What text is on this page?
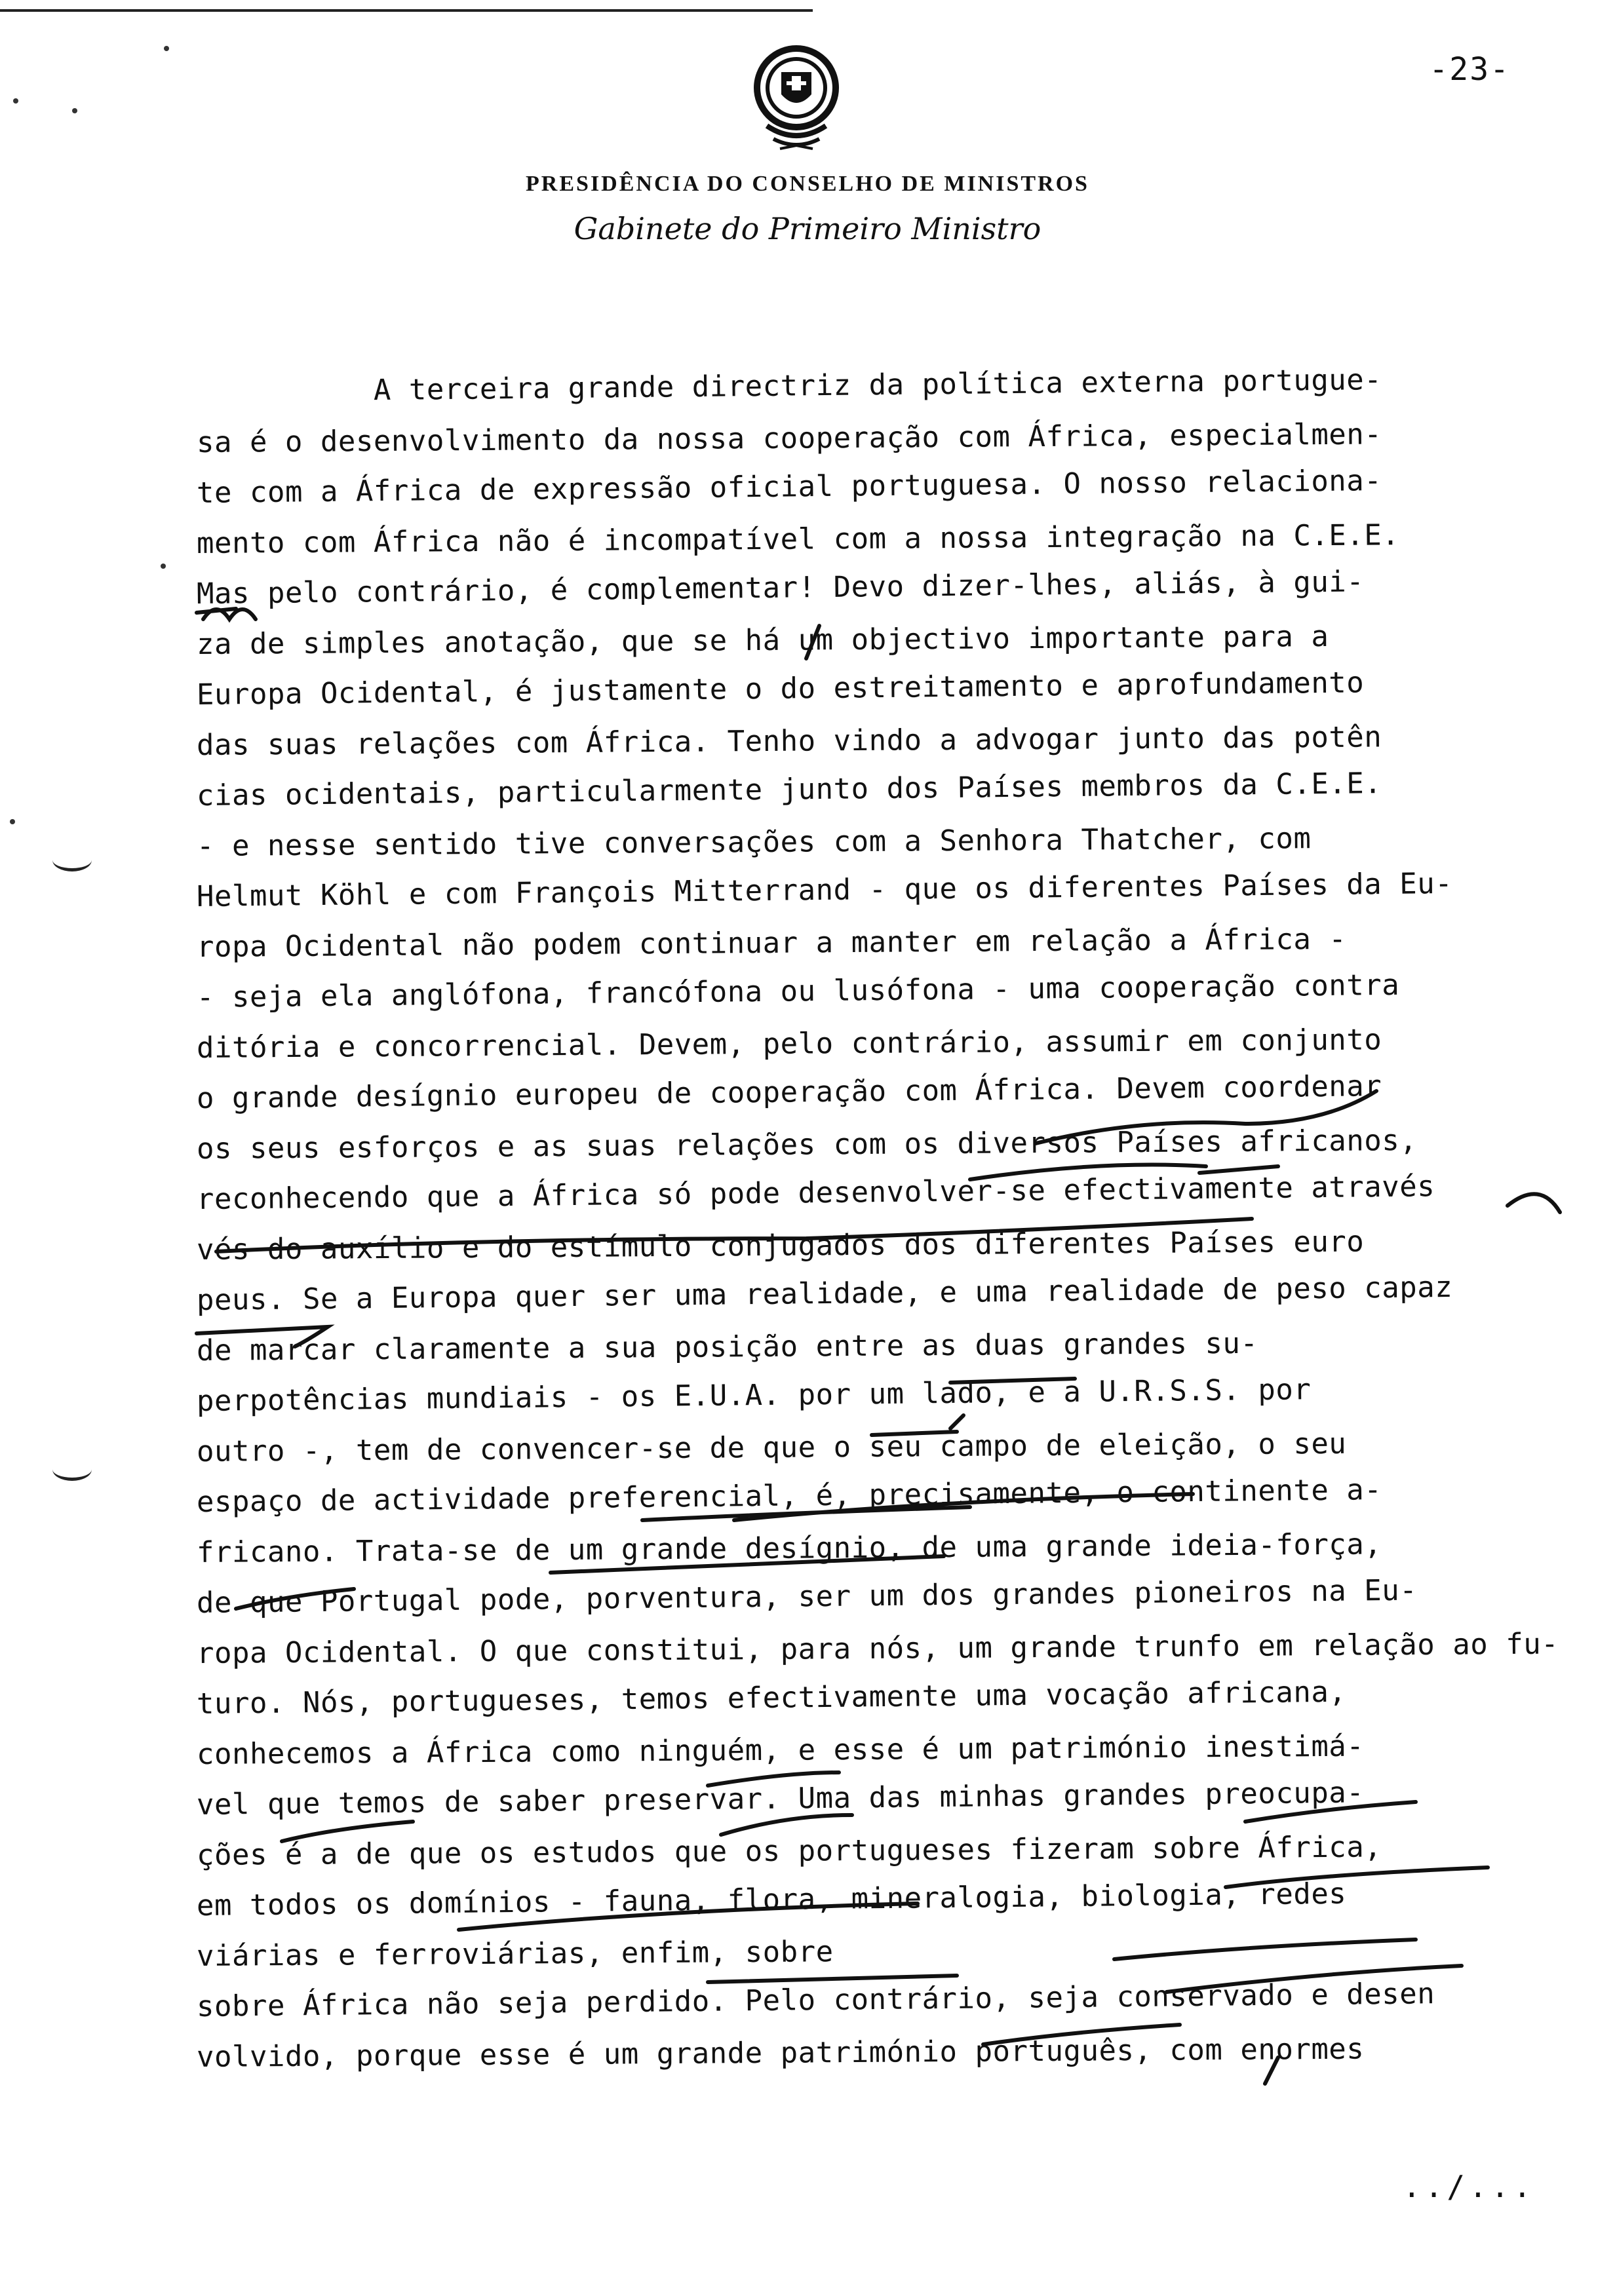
-23-
PRESIDÊNCIA DO CONSELHO DE MINISTROS
Gabinete do Primeiro Ministro
A terceira grande directriz da política externa portugue-
sa é o desenvolvimento da nossa cooperação com África, especialmen-
te com a África de expressão oficial portuguesa. O nosso relaciona-
mento com África não é incompatível com a nossa integração na C.E.E.
Mas pelo contrário, é complementar! Devo dizer-lhes, aliás, à gui-
za de simples anotação, que se há um objectivo importante para a
Europa Ocidental, é justamente o do estreitamento e aprofundamento
das suas relações com África. Tenho vindo a advogar junto das potên
cias ocidentais, particularmente junto dos Países membros da C.E.E.
- e nesse sentido tive conversações com a Senhora Thatcher, com
Helmut Köhl e com François Mitterrand - que os diferentes Países da Eu-
ropa Ocidental não podem continuar a manter em relação a África -
- seja ela anglófona, francófona ou lusófona - uma cooperação contra
ditória e concorrencial. Devem, pelo contrário, assumir em conjunto
o grande desígnio europeu de cooperação com África. Devem coordenar
os seus esforços e as suas relações com os diversos Países africanos,
reconhecendo que a África só pode desenvolver-se efectivamente através
vés do auxílio e do estímulo conjugados dos diferentes Países euro
peus. Se a Europa quer ser uma realidade, e uma realidade de peso capaz
de marcar claramente a sua posição entre as duas grandes su-
perpotências mundiais - os E.U.A. por um lado, e a U.R.S.S. por
outro -, tem de convencer-se de que o seu campo de eleição, o seu
espaço de actividade preferencial, é, precisamente, o continente a-
fricano. Trata-se de um grande desígnio, de uma grande ideia-força,
de que Portugal pode, porventura, ser um dos grandes pioneiros na Eu-
ropa Ocidental. O que constitui, para nós, um grande trunfo em relação ao fu-
turo. Nós, portugueses, temos efectivamente uma vocação africana,
conhecemos a África como ninguém, e esse é um património inestimá-
vel que temos de saber preservar. Uma das minhas grandes preocupa-
ções é a de que os estudos que os portugueses fizeram sobre África,
em todos os domínios - fauna, flora, mineralogia, biologia, redes
viárias e ferroviárias, enfim, sobre
sobre África não seja perdido. Pelo contrário, seja conservado e desen
volvido, porque esse é um grande património português, com enormes
../...
